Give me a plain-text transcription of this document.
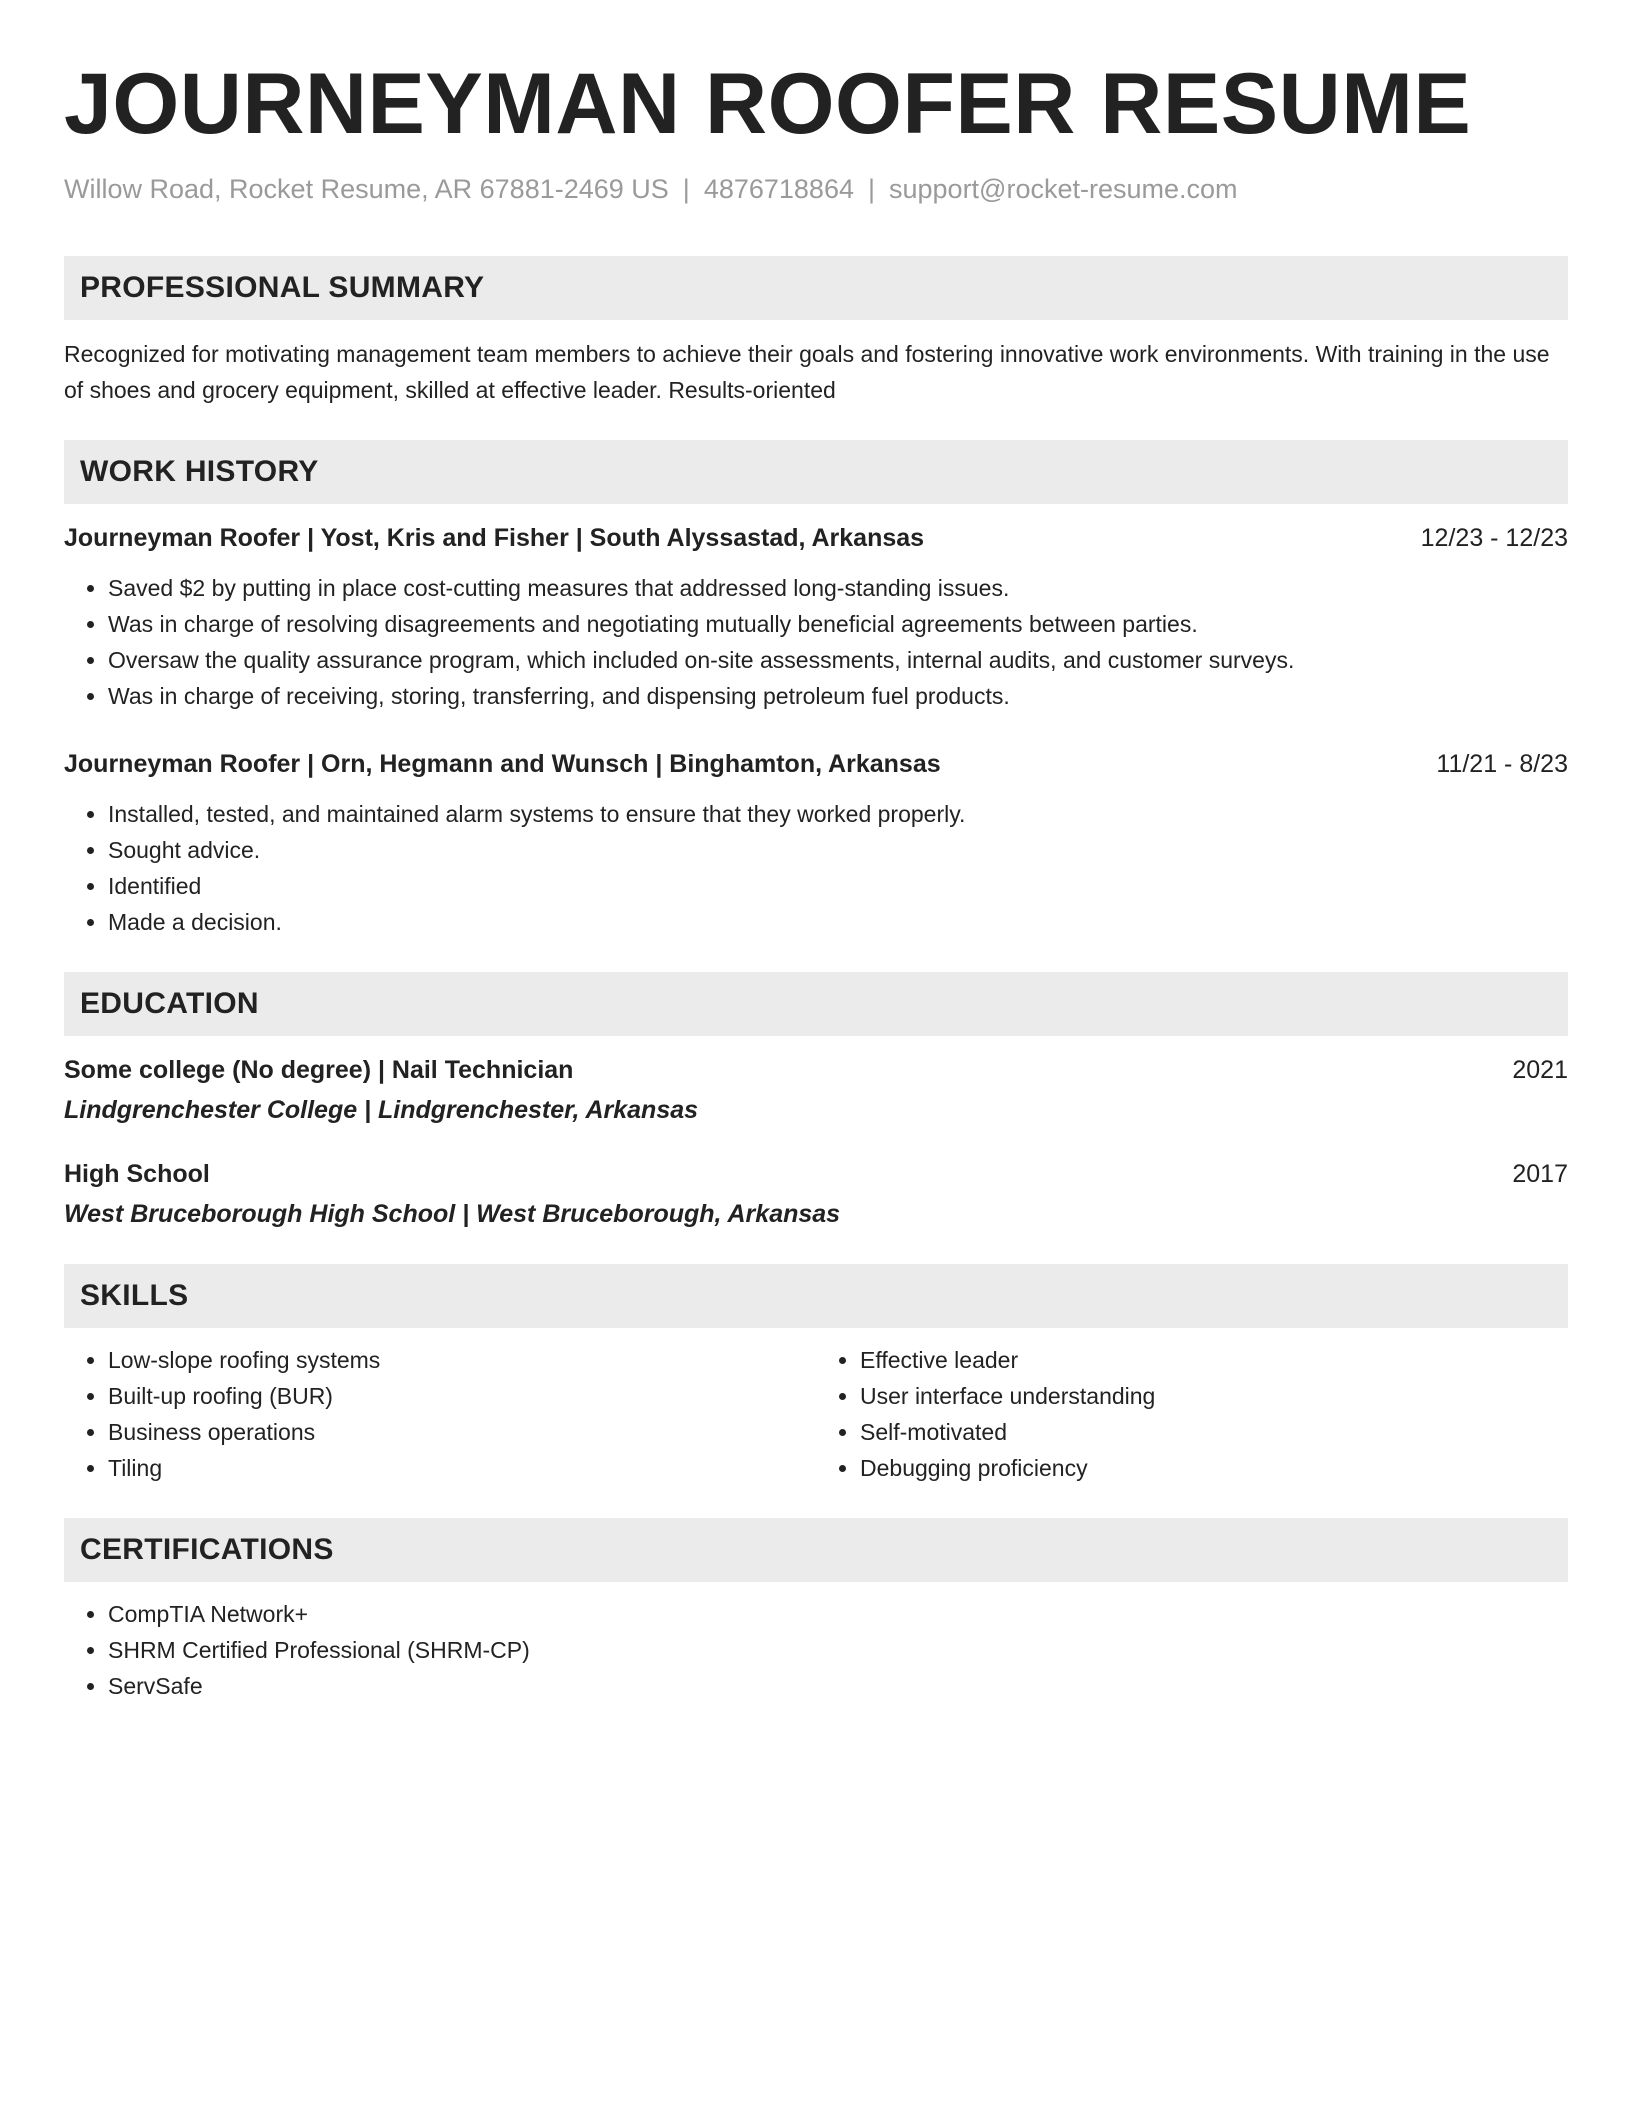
JOURNEYMAN ROOFER RESUME
Willow Road, Rocket Resume, AR 67881-2469 US | 4876718864 | support@rocket-resume.com
PROFESSIONAL SUMMARY
Recognized for motivating management team members to achieve their goals and fostering innovative work environments. With training in the use of shoes and grocery equipment, skilled at effective leader. Results-oriented
WORK HISTORY
Journeyman Roofer | Yost, Kris and Fisher | South Alyssastad, Arkansas	12/23 - 12/23
• Saved $2 by putting in place cost-cutting measures that addressed long-standing issues.
• Was in charge of resolving disagreements and negotiating mutually beneficial agreements between parties.
• Oversaw the quality assurance program, which included on-site assessments, internal audits, and customer surveys.
• Was in charge of receiving, storing, transferring, and dispensing petroleum fuel products.
Journeyman Roofer | Orn, Hegmann and Wunsch | Binghamton, Arkansas	11/21 - 8/23
• Installed, tested, and maintained alarm systems to ensure that they worked properly.
• Sought advice.
• Identified
• Made a decision.
EDUCATION
Some college (No degree) | Nail Technician	2021
Lindgrenchester College | Lindgrenchester, Arkansas
High School	2017
West Bruceborough High School | West Bruceborough, Arkansas
SKILLS
• Low-slope roofing systems
• Built-up roofing (BUR)
• Business operations
• Tiling
• Effective leader
• User interface understanding
• Self-motivated
• Debugging proficiency
CERTIFICATIONS
• CompTIA Network+
• SHRM Certified Professional (SHRM-CP)
• ServSafe
